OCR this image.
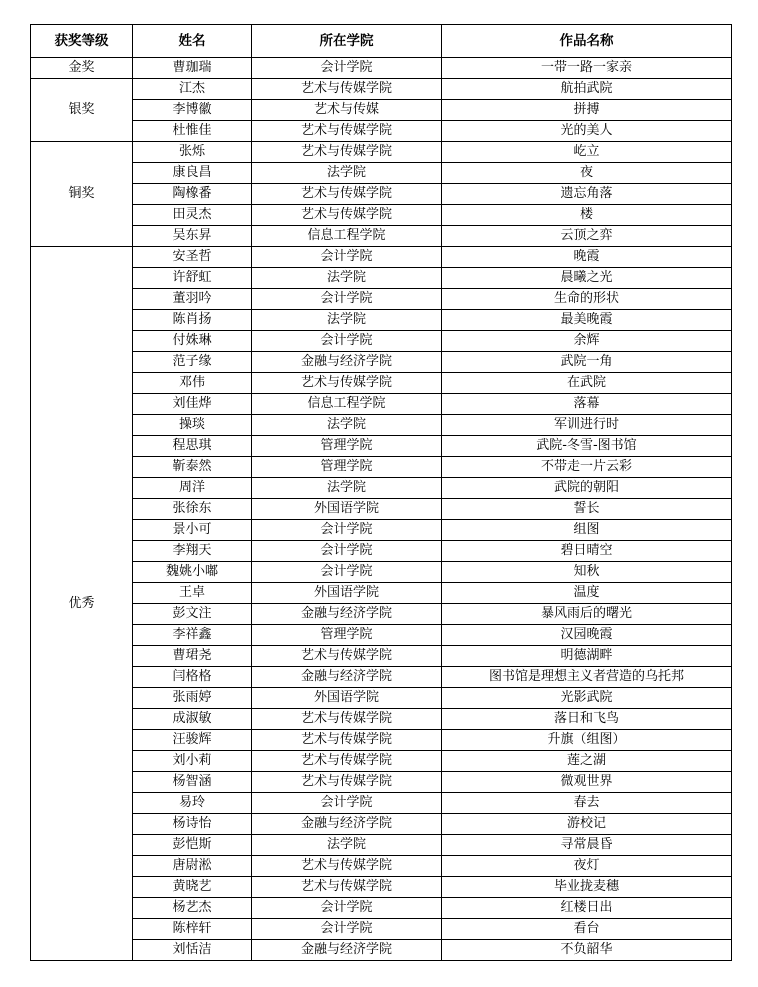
获奖等级	姓名	所在学院	作品名称
金奖	曹珈瑞	会计学院	一带一路一家亲
银奖	江杰	艺术与传媒学院	航拍武院
	李博徽	艺术与传媒	拼搏
	杜惟佳	艺术与传媒学院	光的美人
铜奖	张烁	艺术与传媒学院	屹立
	康良昌	法学院	夜
	陶橡番	艺术与传媒学院	遗忘角落
	田灵杰	艺术与传媒学院	楼
	吴东昇	信息工程学院	云顶之弈
优秀	安圣哲	会计学院	晚霞
	许舒虹	法学院	晨曦之光
	董羽吟	会计学院	生命的形状
	陈肖扬	法学院	最美晚霞
	付姝琳	会计学院	余辉
	范子缘	金融与经济学院	武院一角
	邓伟	艺术与传媒学院	在武院
	刘佳烨	信息工程学院	落幕
	操琰	法学院	军训进行时
	程思琪	管理学院	武院-冬雪-图书馆
	靳泰然	管理学院	不带走一片云彩
	周洋	法学院	武院的朝阳
	张徐东	外国语学院	誓长
	景小可	会计学院	组图
	李翔天	会计学院	碧日晴空
	魏姚小嘟	会计学院	知秋
	王卓	外国语学院	温度
	彭文注	金融与经济学院	暴风雨后的曙光
	李祥鑫	管理学院	汉园晚霞
	曹珺尧	艺术与传媒学院	明德湖畔
	闫格格	金融与经济学院	图书馆是理想主义者营造的乌托邦
	张雨婷	外国语学院	光影武院
	成淑敏	艺术与传媒学院	落日和飞鸟
	汪骏辉	艺术与传媒学院	升旗（组图）
	刘小莉	艺术与传媒学院	莲之湖
	杨智涵	艺术与传媒学院	微观世界
	易玲	会计学院	春去
	杨诗怡	金融与经济学院	游校记
	彭恺斯	法学院	寻常晨昏
	唐尉淞	艺术与传媒学院	夜灯
	黄晓艺	艺术与传媒学院	毕业拢麦穗
	杨艺杰	会计学院	红楼日出
	陈梓轩	会计学院	看台
	刘恬洁	金融与经济学院	不负韶华
